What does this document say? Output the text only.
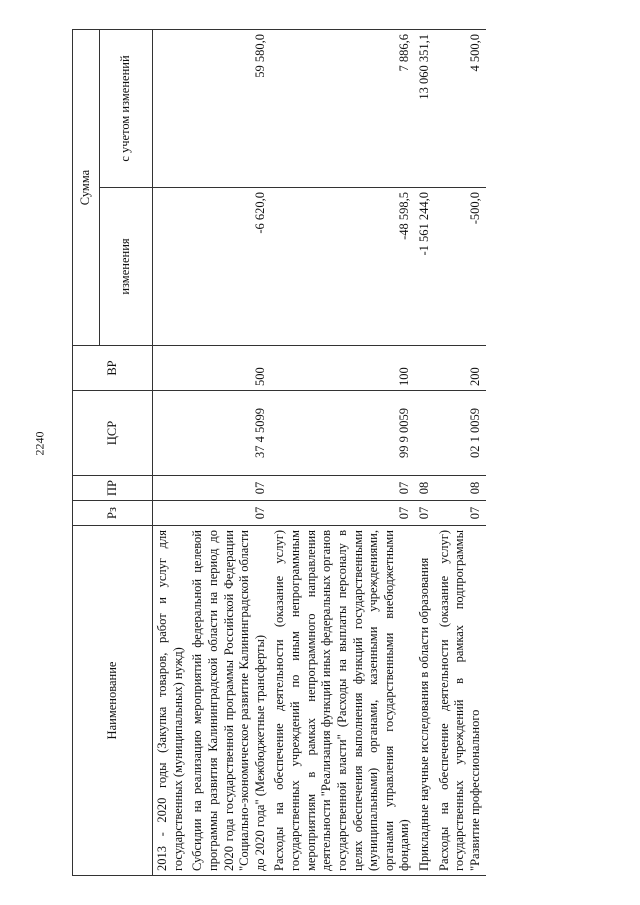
2240
Наименование	Рз	ПР	ЦСР	ВР	Сумма	
					изменения	с учетом изменений
2013 - 2020 годы (Закупка товаров, работ и услуг для государственных (муниципальных) нужд)						
Субсидии на реализацию мероприятий федеральной целевой программы развития Калининградской области на период до 2020 года государственной программы Российской Федерации "Социально-экономическое развитие Калининградской области до 2020 года" (Межбюджетные трансферты)	07	07	37 4 5099	500	-6 620,0	59 580,0
Расходы на обеспечение деятельности (оказание услуг) государственных учреждений по иным непрограммным мероприятиям в рамках непрограммного направления деятельности "Реализация функций иных федеральных органов государственной власти" (Расходы на выплаты персоналу в целях обеспечения выполнения функций государственными (муниципальными) органами, казенными учреждениями, органами управления государственными внебюджетными фондами)	07	07	99 9 0059	100	-48 598,5	7 886,6
Прикладные научные исследования в области образования	07	08			-1 561 244,0	13 060 351,1
Расходы на обеспечение деятельности (оказание услуг) государственных учреждений в рамках подпрограммы "Развитие профессионального	07	08	02 1 0059	200	-500,0	4 500,0
